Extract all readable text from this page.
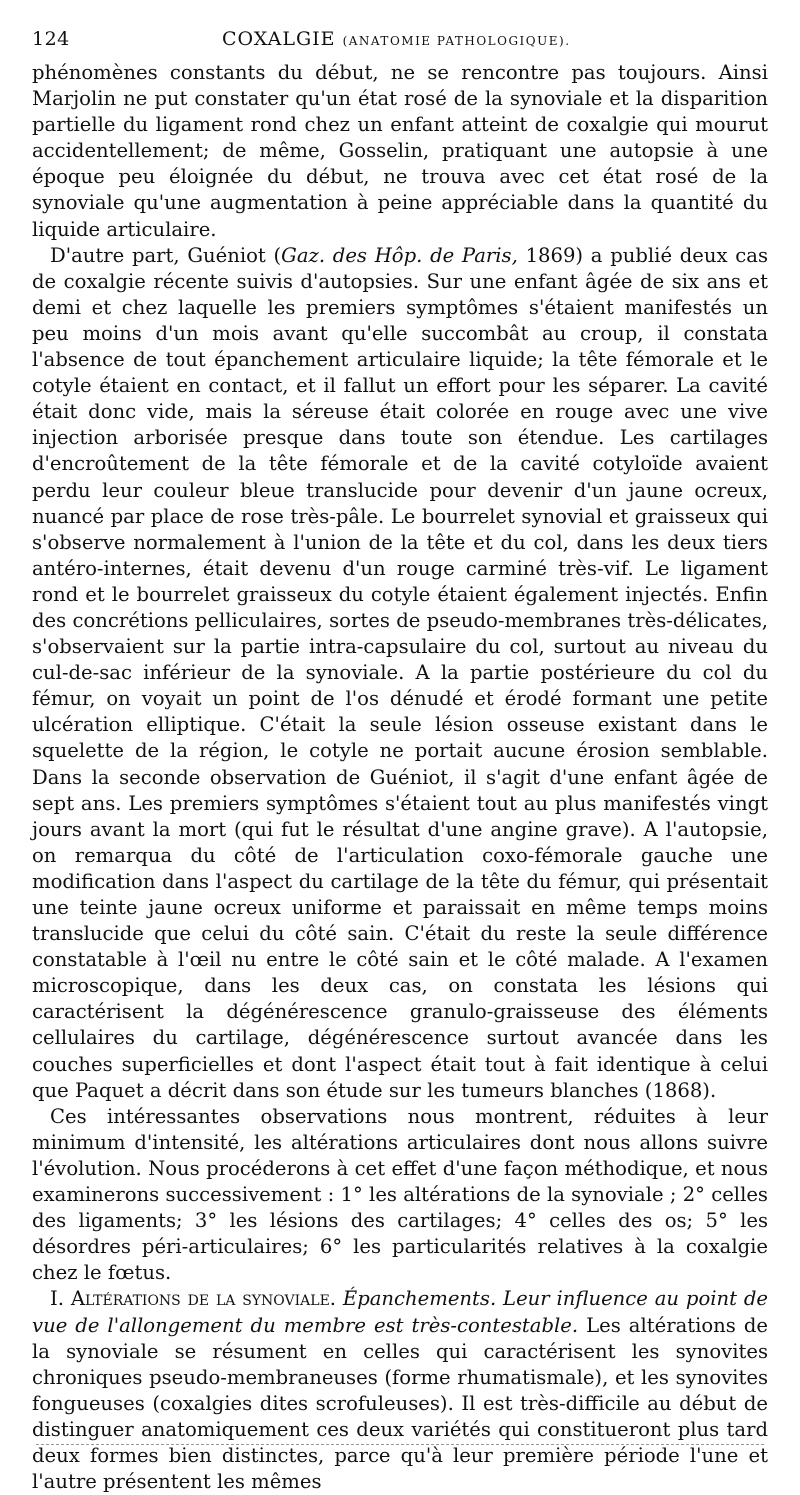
124	COXALGIE (ANATOMIE PATHOLOGIQUE).

phénomènes constants du début, ne se rencontre pas toujours. Ainsi Marjolin ne put constater qu'un état rosé de la synoviale et la disparition partielle du ligament rond chez un enfant atteint de coxalgie qui mourut accidentellement; de même, Gosselin, pratiquant une autopsie à une époque peu éloignée du début, ne trouva avec cet état rosé de la synoviale qu'une augmentation à peine appréciable dans la quantité du liquide articulaire.

D'autre part, Guéniot (Gaz. des Hôp. de Paris, 1869) a publié deux cas de coxalgie récente suivis d'autopsies. Sur une enfant âgée de six ans et demi et chez laquelle les premiers symptômes s'étaient manifestés un peu moins d'un mois avant qu'elle succombât au croup, il constata l'absence de tout épanchement articulaire liquide; la tête fémorale et le cotyle étaient en contact, et il fallut un effort pour les séparer. La cavité était donc vide, mais la séreuse était colorée en rouge avec une vive injection arborisée presque dans toute son étendue. Les cartilages d'encroûtement de la tête fémorale et de la cavité cotyloïde avaient perdu leur couleur bleue translucide pour devenir d'un jaune ocreux, nuancé par place de rose très-pâle. Le bourrelet synovial et graisseux qui s'observe normalement à l'union de la tête et du col, dans les deux tiers antéro-internes, était devenu d'un rouge carminé très-vif. Le ligament rond et le bourrelet graisseux du cotyle étaient également injectés. Enfin des concrétions pelliculaires, sortes de pseudo-membranes très-délicates, s'observaient sur la partie intra-capsulaire du col, surtout au niveau du cul-de-sac inférieur de la synoviale. A la partie postérieure du col du fémur, on voyait un point de l'os dénudé et érodé formant une petite ulcération elliptique. C'était la seule lésion osseuse existant dans le squelette de la région, le cotyle ne portait aucune érosion semblable. Dans la seconde observation de Guéniot, il s'agit d'une enfant âgée de sept ans. Les premiers symptômes s'étaient tout au plus manifestés vingt jours avant la mort (qui fut le résultat d'une angine grave). A l'autopsie, on remarqua du côté de l'articulation coxo-fémorale gauche une modification dans l'aspect du cartilage de la tête du fémur, qui présentait une teinte jaune ocreux uniforme et paraissait en même temps moins translucide que celui du côté sain. C'était du reste la seule différence constatable à l'œil nu entre le côté sain et le côté malade. A l'examen microscopique, dans les deux cas, on constata les lésions qui caractérisent la dégénérescence granulo-graisseuse des éléments cellulaires du cartilage, dégénérescence surtout avancée dans les couches superficielles et dont l'aspect était tout à fait identique à celui que Paquet a décrit dans son étude sur les tumeurs blanches (1868).

Ces intéressantes observations nous montrent, réduites à leur minimum d'intensité, les altérations articulaires dont nous allons suivre l'évolution. Nous procéderons à cet effet d'une façon méthodique, et nous examinerons successivement : 1° les altérations de la synoviale ; 2° celles des ligaments; 3° les lésions des cartilages; 4° celles des os; 5° les désordres péri-articulaires; 6° les particularités relatives à la coxalgie chez le fœtus.

I. Altérations de la synoviale. Épanchements. Leur influence au point de vue de l'allongement du membre est très-contestable. Les altérations de la synoviale se résument en celles qui caractérisent les synovites chroniques pseudo-membraneuses (forme rhumatismale), et les synovites fongueuses (coxalgies dites scrofuleuses). Il est très-difficile au début de distinguer anatomiquement ces deux variétés qui constitueront plus tard deux formes bien distinctes, parce qu'à leur première période l'une et l'autre présentent les mêmes
